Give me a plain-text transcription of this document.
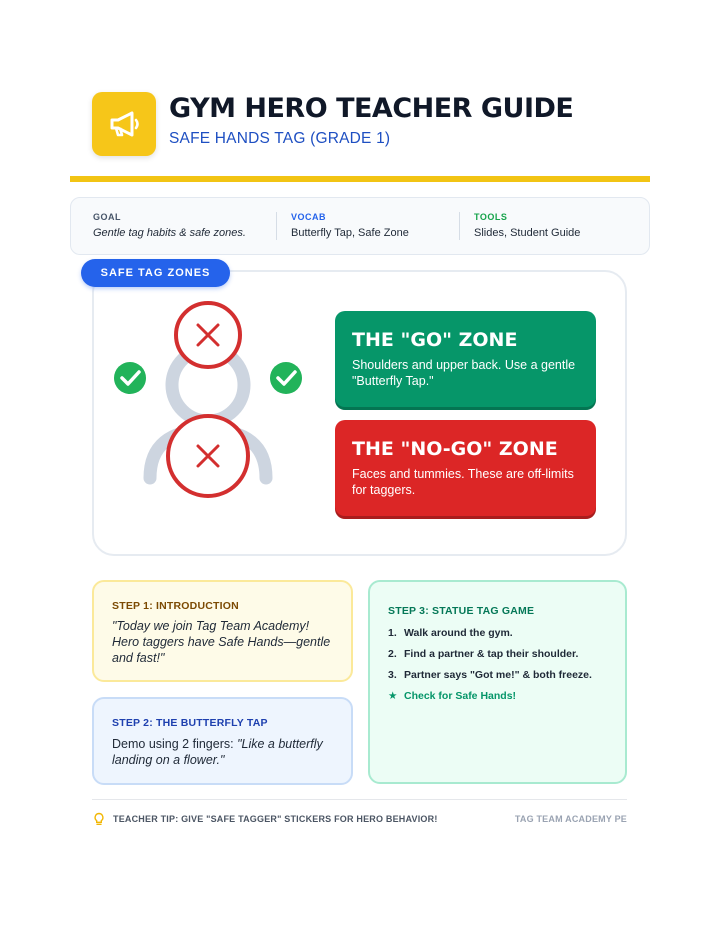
GYM HERO TEACHER GUIDE
SAFE HANDS TAG (GRADE 1)
GOAL
Gentle tag habits & safe zones.
VOCAB
Butterfly Tap, Safe Zone
TOOLS
Slides, Student Guide
SAFE TAG ZONES
THE "GO" ZONE
Shoulders and upper back. Use a gentle "Butterfly Tap."
THE "NO-GO" ZONE
Faces and tummies. These are off-limits for taggers.
STEP 1: INTRODUCTION
"Today we join Tag Team Academy! Hero taggers have Safe Hands—gentle and fast!"
STEP 2: THE BUTTERFLY TAP
Demo using 2 fingers: "Like a butterfly landing on a flower."
STEP 3: STATUE TAG GAME
1. Walk around the gym.
2. Find a partner & tap their shoulder.
3. Partner says "Got me!" & both freeze.
★ Check for Safe Hands!
TEACHER TIP: GIVE "SAFE TAGGER" STICKERS FOR HERO BEHAVIOR!	TAG TEAM ACADEMY PE
